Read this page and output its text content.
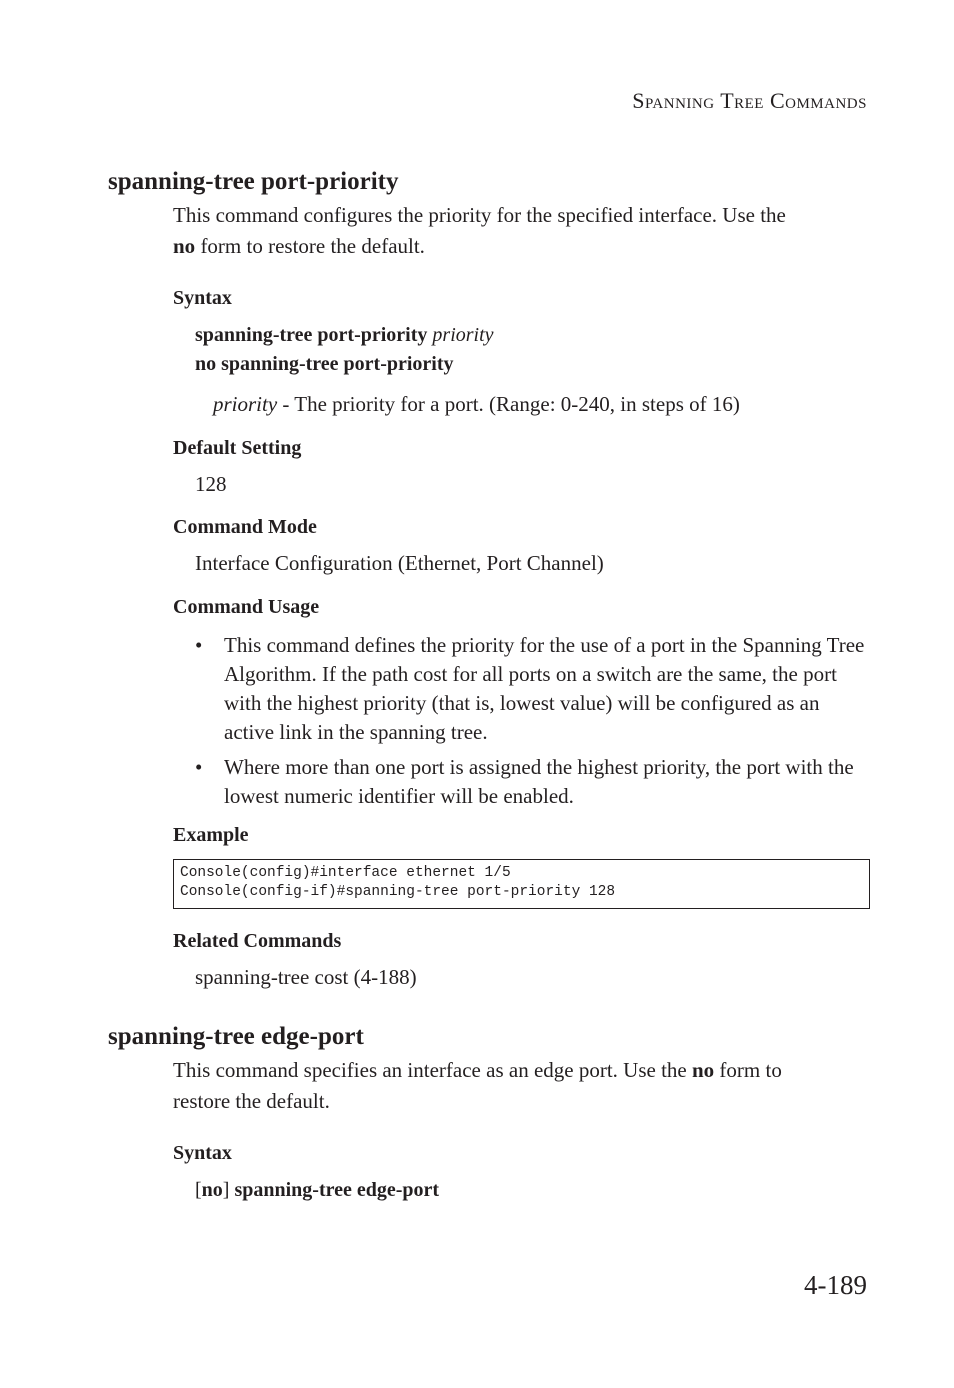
Spanning Tree Commands
spanning-tree port-priority

This command configures the priority for the specified interface. Use the
no form to restore the default.

Syntax
spanning-tree port-priority priority
no spanning-tree port-priority
priority - The priority for a port. (Range: 0-240, in steps of 16)
Default Setting
128
Command Mode
Interface Configuration (Ethernet, Port Channel)
Command Usage
• This command defines the priority for the use of a port in the Spanning Tree Algorithm. If the path cost for all ports on a switch are the same, the port with the highest priority (that is, lowest value) will be configured as an active link in the spanning tree.
• Where more than one port is assigned the highest priority, the port with the lowest numeric identifier will be enabled.
Example
Console(config)#interface ethernet 1/5
Console(config-if)#spanning-tree port-priority 128
Related Commands
spanning-tree cost (4-188)
spanning-tree edge-port

This command specifies an interface as an edge port. Use the no form to
restore the default.

Syntax
[no] spanning-tree edge-port
4-189
